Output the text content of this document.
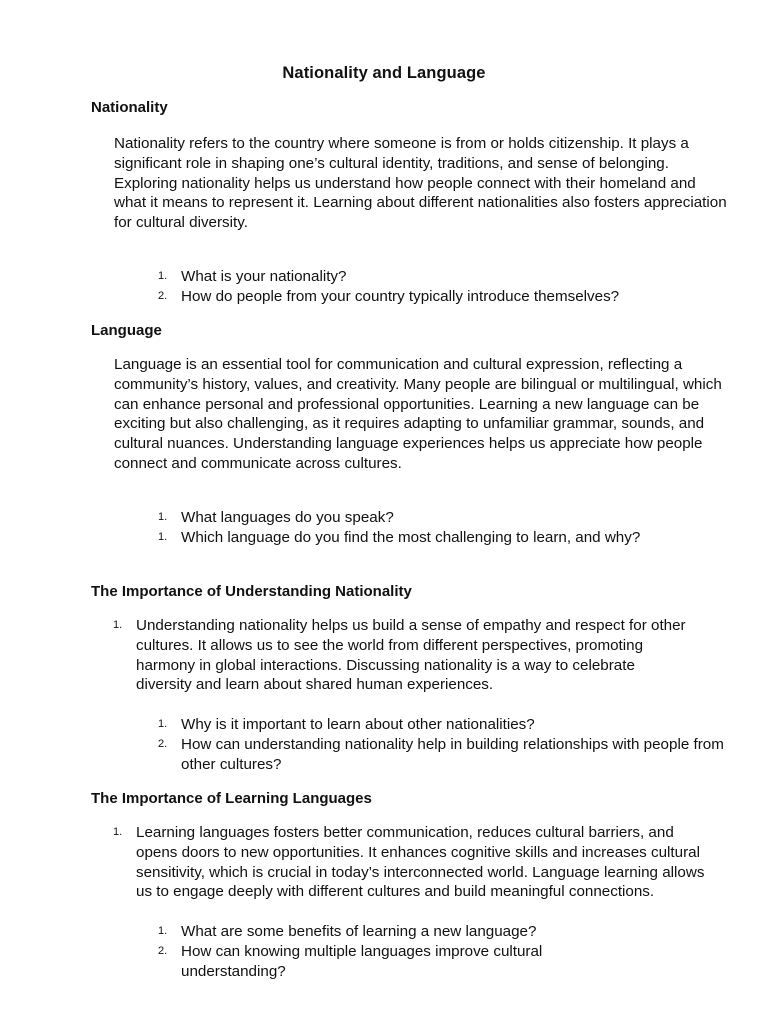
Nationality and Language
Nationality
Nationality refers to the country where someone is from or holds citizenship. It plays a significant role in shaping one’s cultural identity, traditions, and sense of belonging. Exploring nationality helps us understand how people connect with their homeland and what it means to represent it. Learning about different nationalities also fosters appreciation for cultural diversity.
1. What is your nationality?
2. How do people from your country typically introduce themselves?
Language
Language is an essential tool for communication and cultural expression, reflecting a community’s history, values, and creativity. Many people are bilingual or multilingual, which can enhance personal and professional opportunities. Learning a new language can be exciting but also challenging, as it requires adapting to unfamiliar grammar, sounds, and cultural nuances. Understanding language experiences helps us appreciate how people connect and communicate across cultures.
1. What languages do you speak?
1. Which language do you find the most challenging to learn, and why?
The Importance of Understanding Nationality
1. Understanding nationality helps us build a sense of empathy and respect for other cultures. It allows us to see the world from different perspectives, promoting harmony in global interactions. Discussing nationality is a way to celebrate diversity and learn about shared human experiences.
1. Why is it important to learn about other nationalities?
2. How can understanding nationality help in building relationships with people from other cultures?
The Importance of Learning Languages
1. Learning languages fosters better communication, reduces cultural barriers, and opens doors to new opportunities. It enhances cognitive skills and increases cultural sensitivity, which is crucial in today’s interconnected world. Language learning allows us to engage deeply with different cultures and build meaningful connections.
1. What are some benefits of learning a new language?
2. How can knowing multiple languages improve cultural understanding?
